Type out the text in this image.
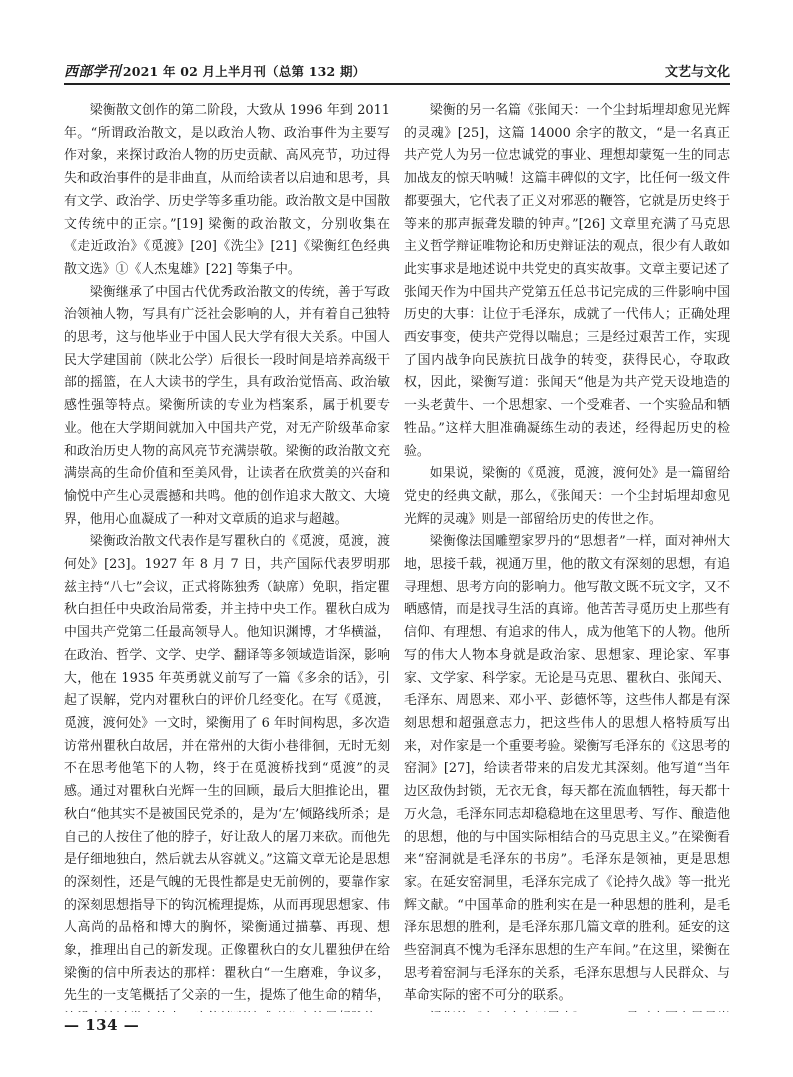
西部学刊 2021 年 02 月上半月刊（总第 132 期）	文艺与文化

梁衡散文创作的第二阶段，大致从 1996 年到 2011 年。“所谓政治散文，是以政治人物、政治事件为主要写作对象，来探讨政治人物的历史贡献、高风亮节，功过得失和政治事件的是非曲直，从而给读者以启迪和思考，具有文学、政治学、历史学等多重功能。政治散文是中国散文传统中的正宗。”[19] 梁衡的政治散文，分别收集在《走近政治》《觅渡》[20]《洗尘》[21]《梁衡红色经典散文选》①《人杰鬼雄》[22] 等集子中。

梁衡继承了中国古代优秀政治散文的传统，善于写政治领袖人物，写具有广泛社会影响的人，并有着自己独特的思考，这与他毕业于中国人民大学有很大关系。中国人民大学建国前（陕北公学）后很长一段时间是培养高级干部的摇篮，在人大读书的学生，具有政治觉悟高、政治敏感性强等特点。梁衡所读的专业为档案系，属于机要专业。他在大学期间就加入中国共产党，对无产阶级革命家和政治历史人物的高风亮节充满崇敬。梁衡的政治散文充满崇高的生命价值和至美风骨，让读者在欣赏美的兴奋和愉悦中产生心灵震撼和共鸣。他的创作追求大散文、大境界，他用心血凝成了一种对文章质的追求与超越。

梁衡政治散文代表作是写瞿秋白的《觅渡，觅渡，渡何处》[23]。1927 年 8 月 7 日，共产国际代表罗明那兹主持“八七”会议，正式将陈独秀（缺席）免职，指定瞿秋白担任中央政治局常委，并主持中央工作。瞿秋白成为中国共产党第二任最高领导人。他知识渊博，才华横溢，在政治、哲学、文学、史学、翻译等多领域造诣深，影响大，他在 1935 年英勇就义前写了一篇《多余的话》，引起了误解，党内对瞿秋白的评价几经变化。在写《觅渡，觅渡，渡何处》一文时，梁衡用了 6 年时间构思，多次造访常州瞿秋白故居，并在常州的大街小巷徘徊，无时无刻不在思考他笔下的人物，终于在觅渡桥找到“觅渡”的灵感。通过对瞿秋白光辉一生的回顾，最后大胆推论出，瞿秋白“他其实不是被国民党杀的，是为‘左’倾路线所杀；是自己的人按住了他的脖子，好让敌人的屠刀来砍。而他先是仔细地独白，然后就去从容就义。”这篇文章无论是思想的深刻性，还是气魄的无畏性都是史无前例的，要靠作家的深刻思想指导下的钩沉梳理提炼，从而再现思想家、伟人高尚的品格和博大的胸怀，梁衡通过描摹、再现、想象，推理出自己的新发现。正像瞿秋白的女儿瞿独伊在给梁衡的信中所表达的那样：瞿秋白“一生磨难，争议多，先生的一支笔概括了父亲的一生，提炼了他生命的精华，

梁衡的另一名篇《张闻天：一个尘封垢埋却愈见光辉的灵魂》[25]，这篇 14000 余字的散文，“是一名真正共产党人为另一位忠诚党的事业、理想却蒙冤一生的同志加战友的惊天呐喊！这篇丰碑似的文字，比任何一级文件都要强大，它代表了正义对邪恶的鞭答，它就是历史终于等来的那声振聋发聩的钟声。”[26] 文章里充满了马克思主义哲学辩证唯物论和历史辩证法的观点，很少有人敢如此实事求是地述说中共党史的真实故事。文章主要记述了张闻天作为中国共产党第五任总书记完成的三件影响中国历史的大事：让位于毛泽东，成就了一代伟人；正确处理西安事变，使共产党得以喘息；三是经过艰苦工作，实现了国内战争向民族抗日战争的转变，获得民心，夺取政权，因此，梁衡写道：张闻天“他是为共产党天设地造的一头老黄牛、一个思想家、一个受难者、一个实验品和牺牲品。”这样大胆准确凝练生动的表述，经得起历史的检验。

如果说，梁衡的《觅渡，觅渡，渡何处》是一篇留给党史的经典文献，那么，《张闻天：一个尘封垢埋却愈见光辉的灵魂》则是一部留给历史的传世之作。

梁衡像法国雕塑家罗丹的“思想者”一样，面对神州大地，思接千载，视通万里，他的散文有深刻的思想，有追寻理想、思考方向的影响力。他写散文既不玩文字，又不晒感情，而是找寻生活的真谛。他苦苦寻觅历史上那些有信仰、有理想、有追求的伟人，成为他笔下的人物。他所写的伟大人物本身就是政治家、思想家、理论家、军事家、文学家、科学家。无论是马克思、瞿秋白、张闻天、毛泽东、周恩来、邓小平、彭德怀等，这些伟人都是有深刻思想和超强意志力，把这些伟人的思想人格特质写出来，对作家是一个重要考验。梁衡写毛泽东的《这思考的窑洞》[27]，给读者带来的启发尤其深刻。他写道“当年边区敌伪封锁，无衣无食，每天都在流血牺牲，每天都十万火急，毛泽东同志却稳稳地在这里思考、写作、酿造他的思想，他的与中国实际相结合的马克思主义。”在梁衡看来“窑洞就是毛泽东的书房”。毛泽东是领袖，更是思想家。在延安窑洞里，毛泽东完成了《论持久战》等一批光辉文献。“中国革命的胜利实在是一种思想的胜利，是毛泽东思想的胜利，是毛泽东那几篇文章的胜利。延安的这些窑洞真不愧为毛泽东思想的生产车间。”在这里，梁衡在思考着窑洞与毛泽东的关系，毛泽东思想与人民群众、与革命实际的密不可分的联系。

— 134 —
